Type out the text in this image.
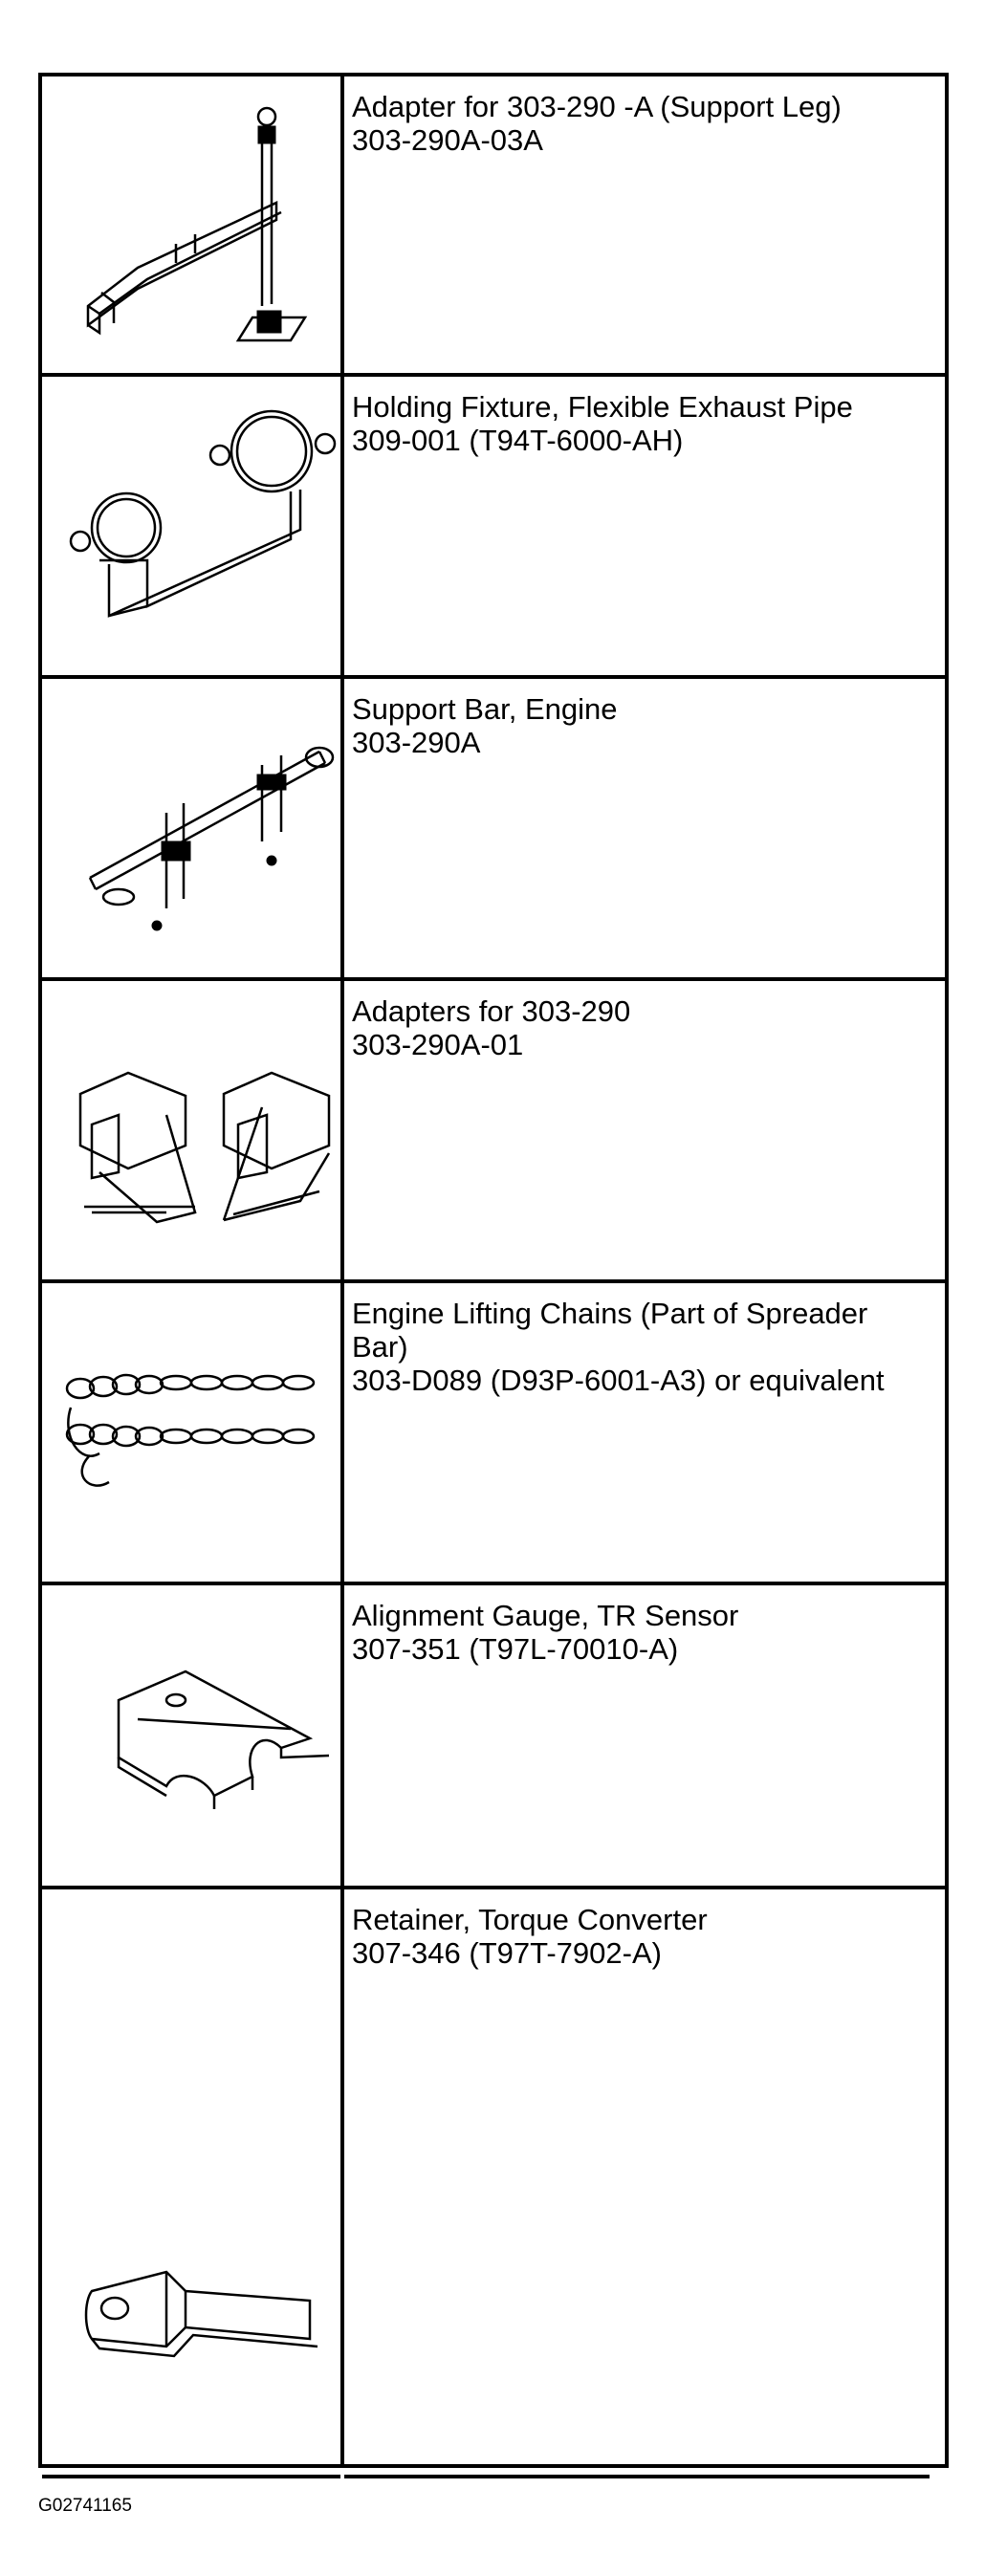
Adapter for 303-290 -A (Support Leg)
303-290A-03A
Holding Fixture, Flexible Exhaust Pipe
309-001 (T94T-6000-AH)
Support Bar, Engine
303-290A
Adapters for 303-290
303-290A-01
Engine Lifting Chains (Part of Spreader Bar)
303-D089 (D93P-6001-A3) or equivalent
Alignment Gauge, TR Sensor
307-351 (T97L-70010-A)
Retainer, Torque Converter
307-346 (T97T-7902-A)
G02741165
